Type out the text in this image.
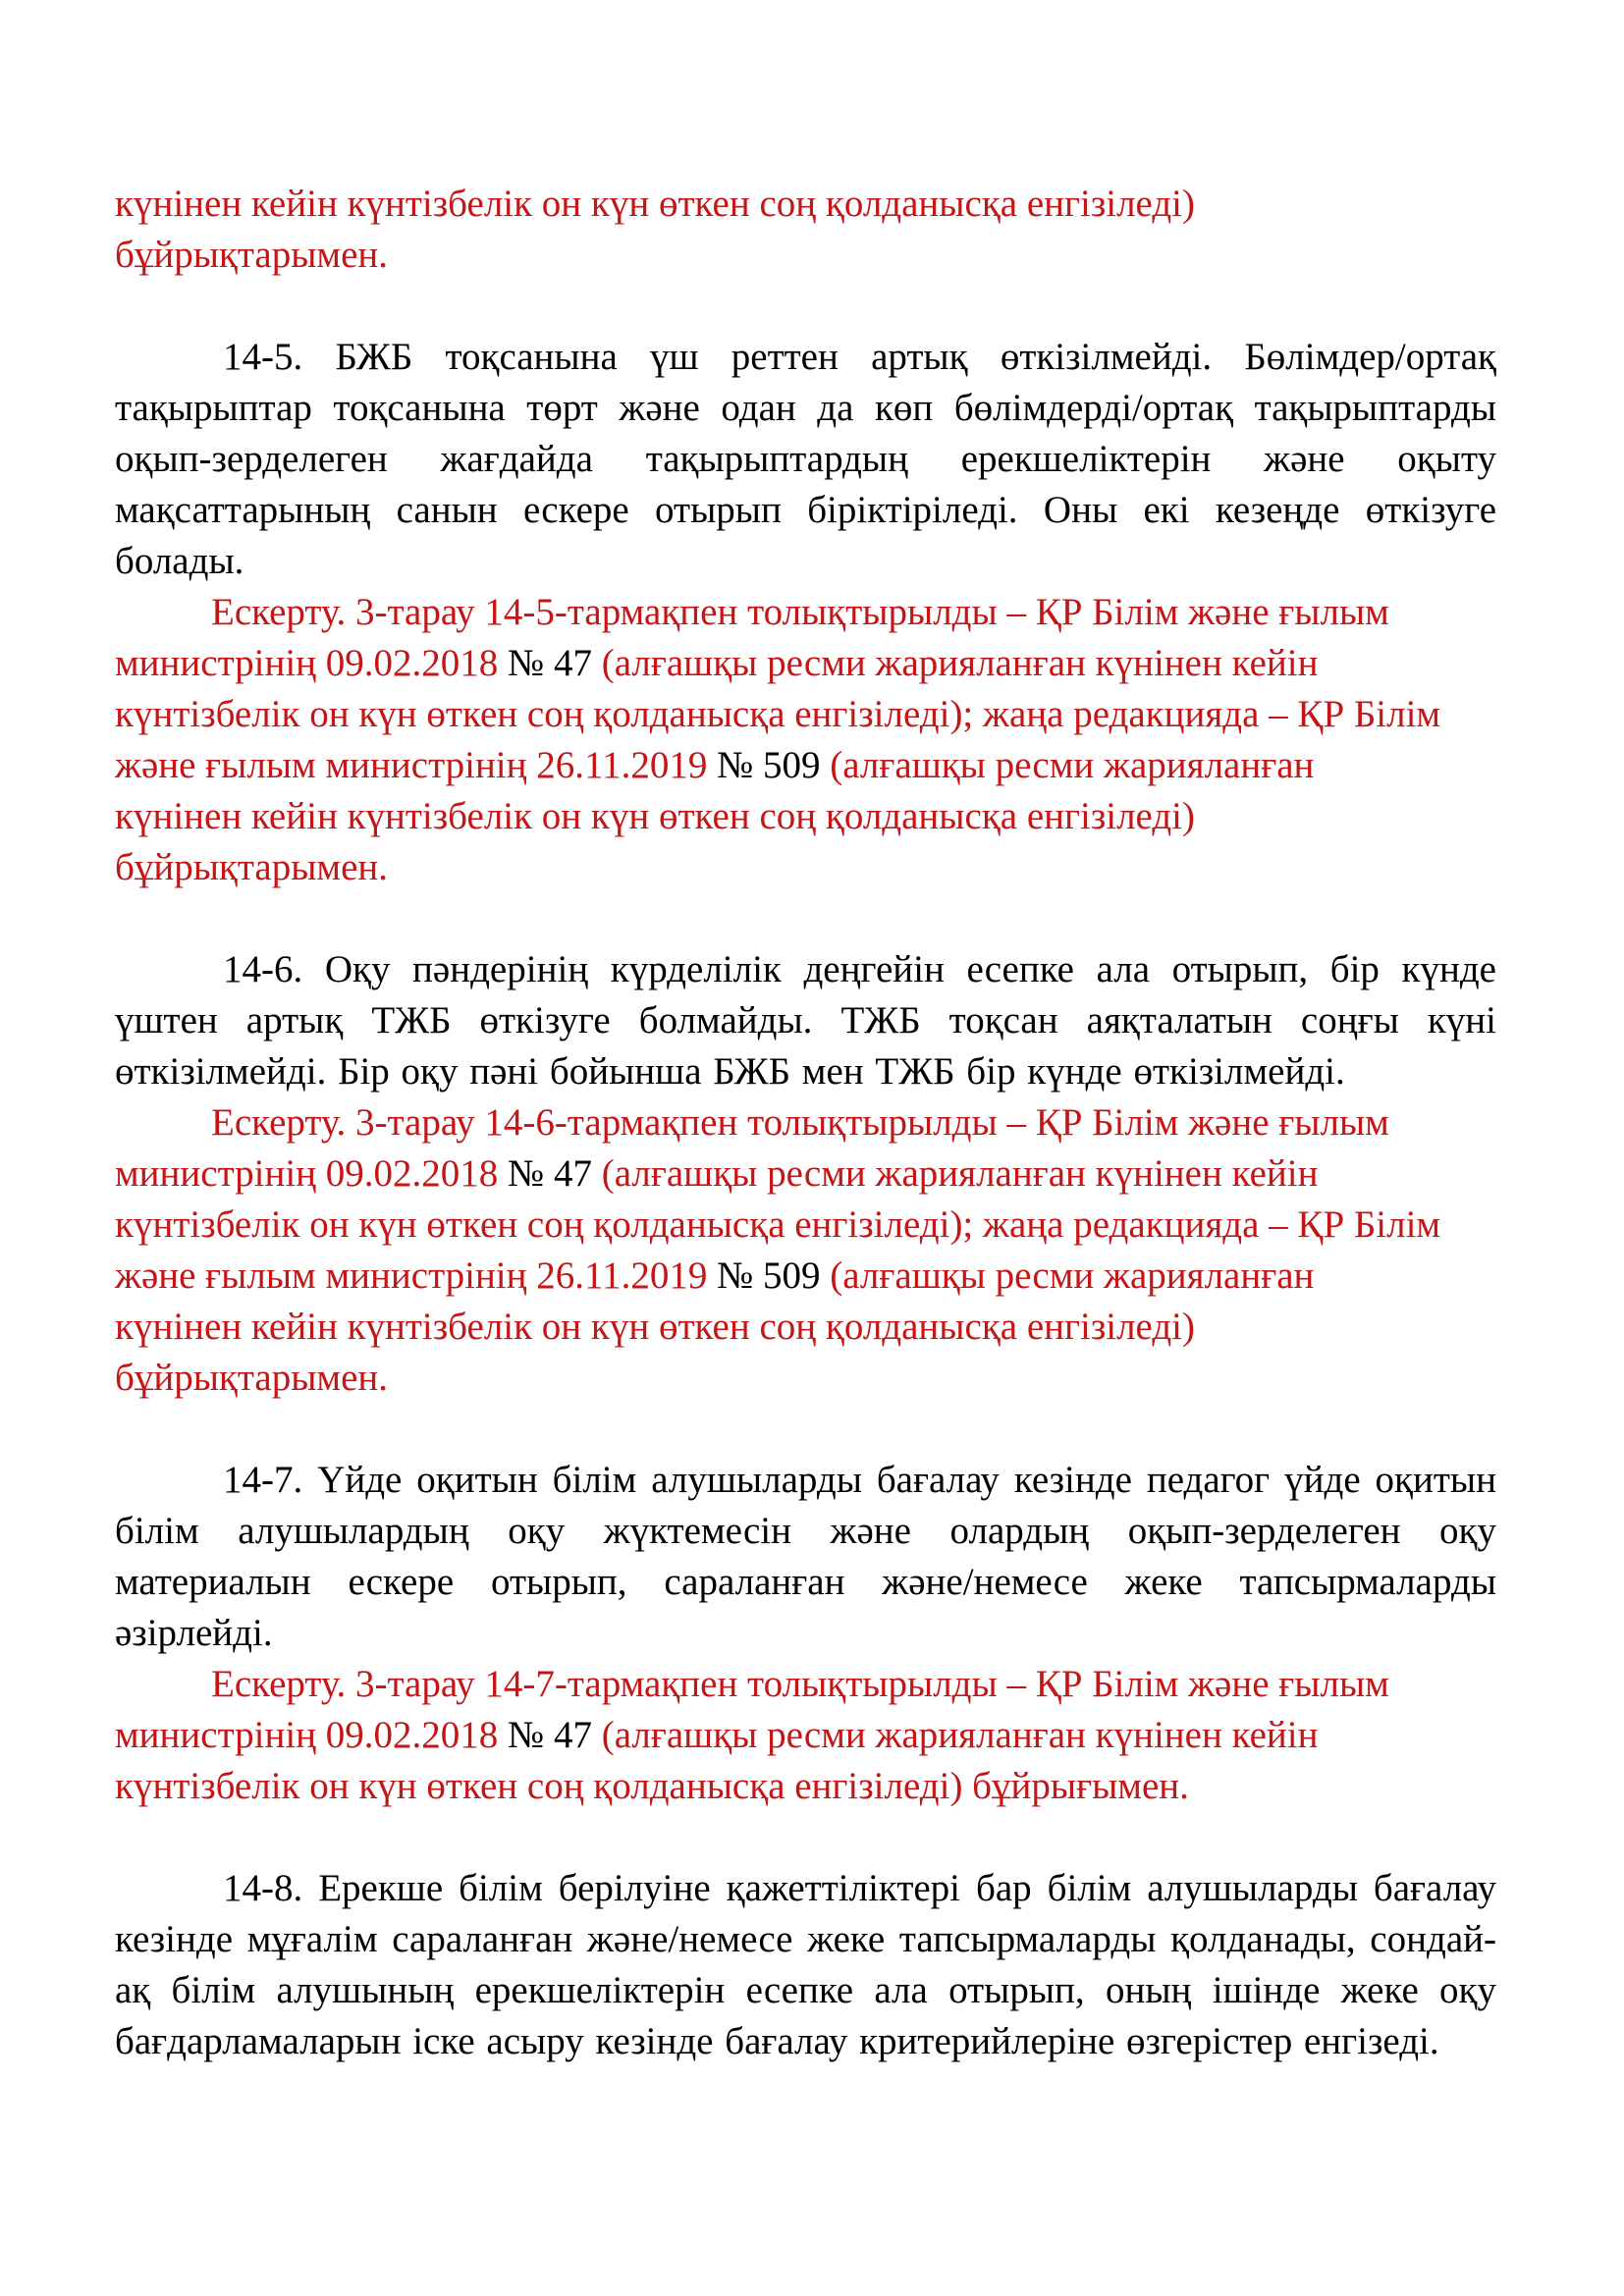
күнінен кейін күнтізбелік он күн өткен соң қолданысқа енгізіледі)
бұйрықтарымен.

14-5. БЖБ тоқсанына үш реттен артық өткізілмейді. Бөлімдер/ортақ тақырыптар тоқсанына төрт және одан да көп бөлімдерді/ортақ тақырыптарды оқып-зерделеген жағдайда тақырыптардың ерекшеліктерін және оқыту мақсаттарының санын ескере отырып біріктіріледі. Оны екі кезеңде өткізуге болады.

Ескерту. 3-тарау 14-5-тармақпен толықтырылды – ҚР Білім және ғылым
министрінің 09.02.2018 № 47 (алғашқы ресми жарияланған күнінен кейін
күнтізбелік он күн өткен соң қолданысқа енгізіледі); жаңа редакцияда – ҚР Білім
және ғылым министрінің 26.11.2019 № 509 (алғашқы ресми жарияланған
күнінен кейін күнтізбелік он күн өткен соң қолданысқа енгізіледі)
бұйрықтарымен.

14-6. Оқу пәндерінің күрделілік деңгейін есепке ала отырып, бір күнде үштен артық ТЖБ өткізуге болмайды. ТЖБ тоқсан аяқталатын соңғы күні өткізілмейді. Бір оқу пәні бойынша БЖБ мен ТЖБ бір күнде өткізілмейді.

Ескерту. 3-тарау 14-6-тармақпен толықтырылды – ҚР Білім және ғылым
министрінің 09.02.2018 № 47 (алғашқы ресми жарияланған күнінен кейін
күнтізбелік он күн өткен соң қолданысқа енгізіледі); жаңа редакцияда – ҚР Білім
және ғылым министрінің 26.11.2019 № 509 (алғашқы ресми жарияланған
күнінен кейін күнтізбелік он күн өткен соң қолданысқа енгізіледі)
бұйрықтарымен.

14-7. Үйде оқитын білім алушыларды бағалау кезінде педагог үйде оқитын білім алушылардың оқу жүктемесін және олардың оқып-зерделеген оқу материалын ескере отырып, сараланған және/немесе жеке тапсырмаларды әзірлейді.

Ескерту. 3-тарау 14-7-тармақпен толықтырылды – ҚР Білім және ғылым
министрінің 09.02.2018 № 47 (алғашқы ресми жарияланған күнінен кейін
күнтізбелік он күн өткен соң қолданысқа енгізіледі) бұйрығымен.

14-8. Ерекше білім берілуіне қажеттіліктері бар білім алушыларды бағалау кезінде мұғалім сараланған және/немесе жеке тапсырмаларды қолданады, сондай-ақ білім алушының ерекшеліктерін есепке ала отырып, оның ішінде жеке оқу бағдарламаларын іске асыру кезінде бағалау критерийлеріне өзгерістер енгізеді.
